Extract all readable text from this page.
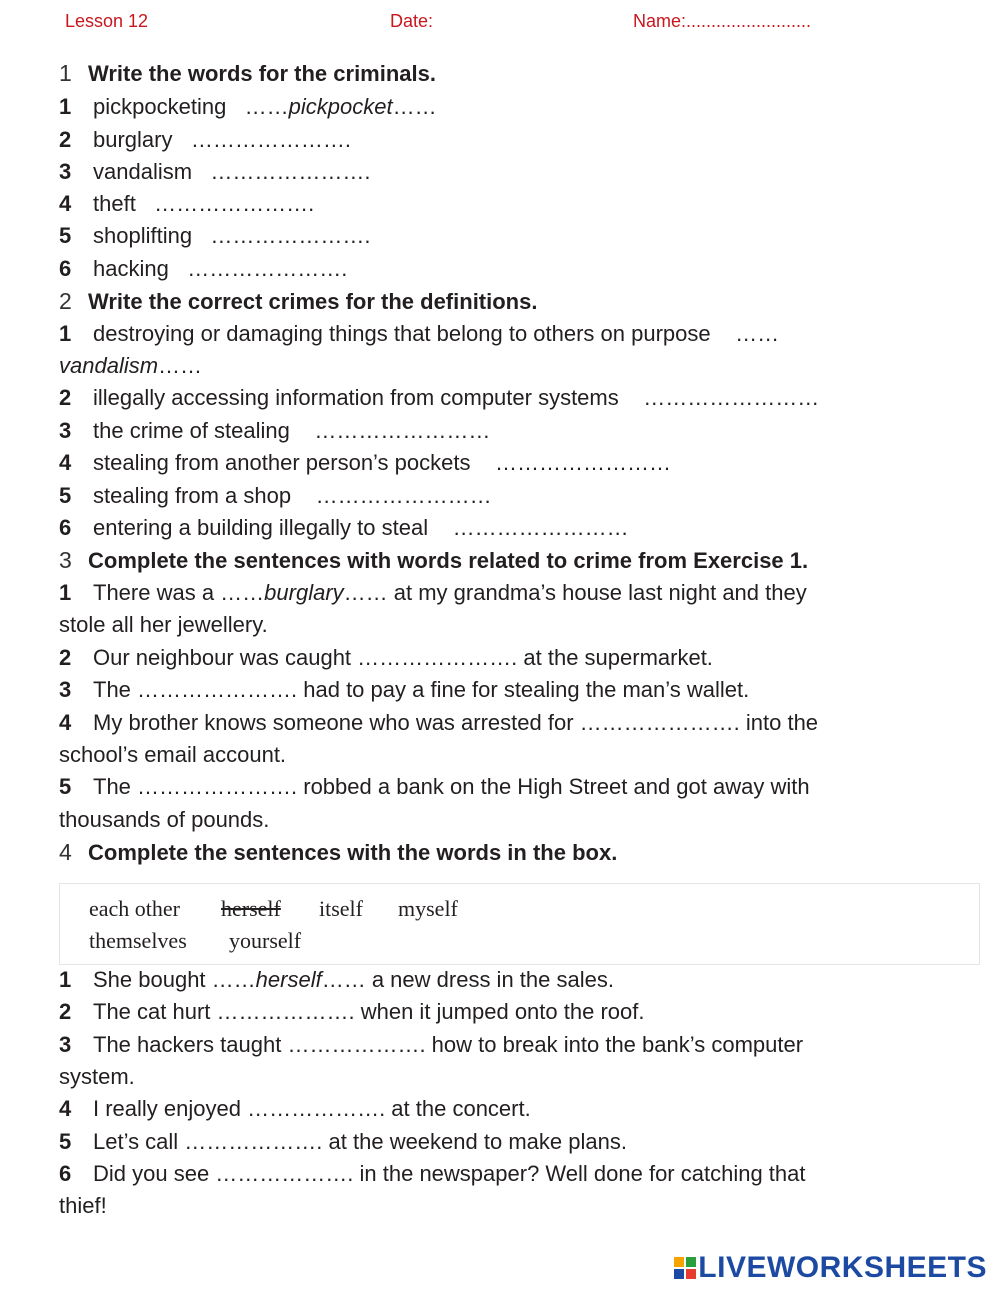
Lesson 12	Date:	Name:.........................
1 Write the words for the criminals.
1 pickpocketing ……pickpocket……
2 burglary ………………….
3 vandalism ………………….
4 theft ………………….
5 shoplifting ………………….
6 hacking ………………….
2 Write the correct crimes for the definitions.
1 destroying or damaging things that belong to others on purpose ……
vandalism……
2 illegally accessing information from computer systems ……………………
3 the crime of stealing ……………………
4 stealing from another person’s pockets ……………………
5 stealing from a shop ……………………
6 entering a building illegally to steal ……………………
3 Complete the sentences with words related to crime from Exercise 1.
1 There was a ……burglary…… at my grandma’s house last night and they
stole all her jewellery.
2 Our neighbour was caught …………………. at the supermarket.
3 The …………………. had to pay a fine for stealing the man’s wallet.
4 My brother knows someone who was arrested for …………………. into the
school’s email account.
5 The …………………. robbed a bank on the High Street and got away with
thousands of pounds.
4 Complete the sentences with the words in the box.
each other herself itself myself
themselves yourself
1 She bought ……herself…… a new dress in the sales.
2 The cat hurt ………………. when it jumped onto the roof.
3 The hackers taught ………………. how to break into the bank’s computer
system.
4 I really enjoyed ………………. at the concert.
5 Let’s call ………………. at the weekend to make plans.
6 Did you see ………………. in the newspaper? Well done for catching that
thief!
LIVEWORKSHEETS
